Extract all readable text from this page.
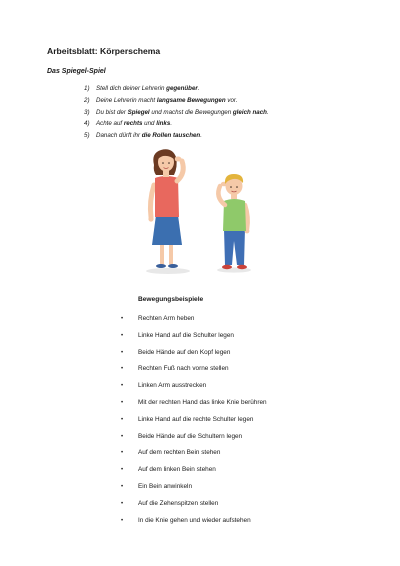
Arbeitsblatt: Körperschema
Das Spiegel-Spiel
1) Stell dich deiner Lehrerin gegenüber.
2) Deine Lehrerin macht langsame Bewegungen vor.
3) Du bist der Spiegel und machst die Bewegungen gleich nach.
4) Achte auf rechts und links.
5) Danach dürft ihr die Rollen tauschen.
Bewegungsbeispiele
• Rechten Arm heben
• Linke Hand auf die Schulter legen
• Beide Hände auf den Kopf legen
• Rechten Fuß nach vorne stellen
• Linken Arm ausstrecken
• Mit der rechten Hand das linke Knie berühren
• Linke Hand auf die rechte Schulter legen
• Beide Hände auf die Schultern legen
• Auf dem rechten Bein stehen
• Auf dem linken Bein stehen
• Ein Bein anwinkeln
• Auf die Zehenspitzen stellen
• In die Knie gehen und wieder aufstehen
